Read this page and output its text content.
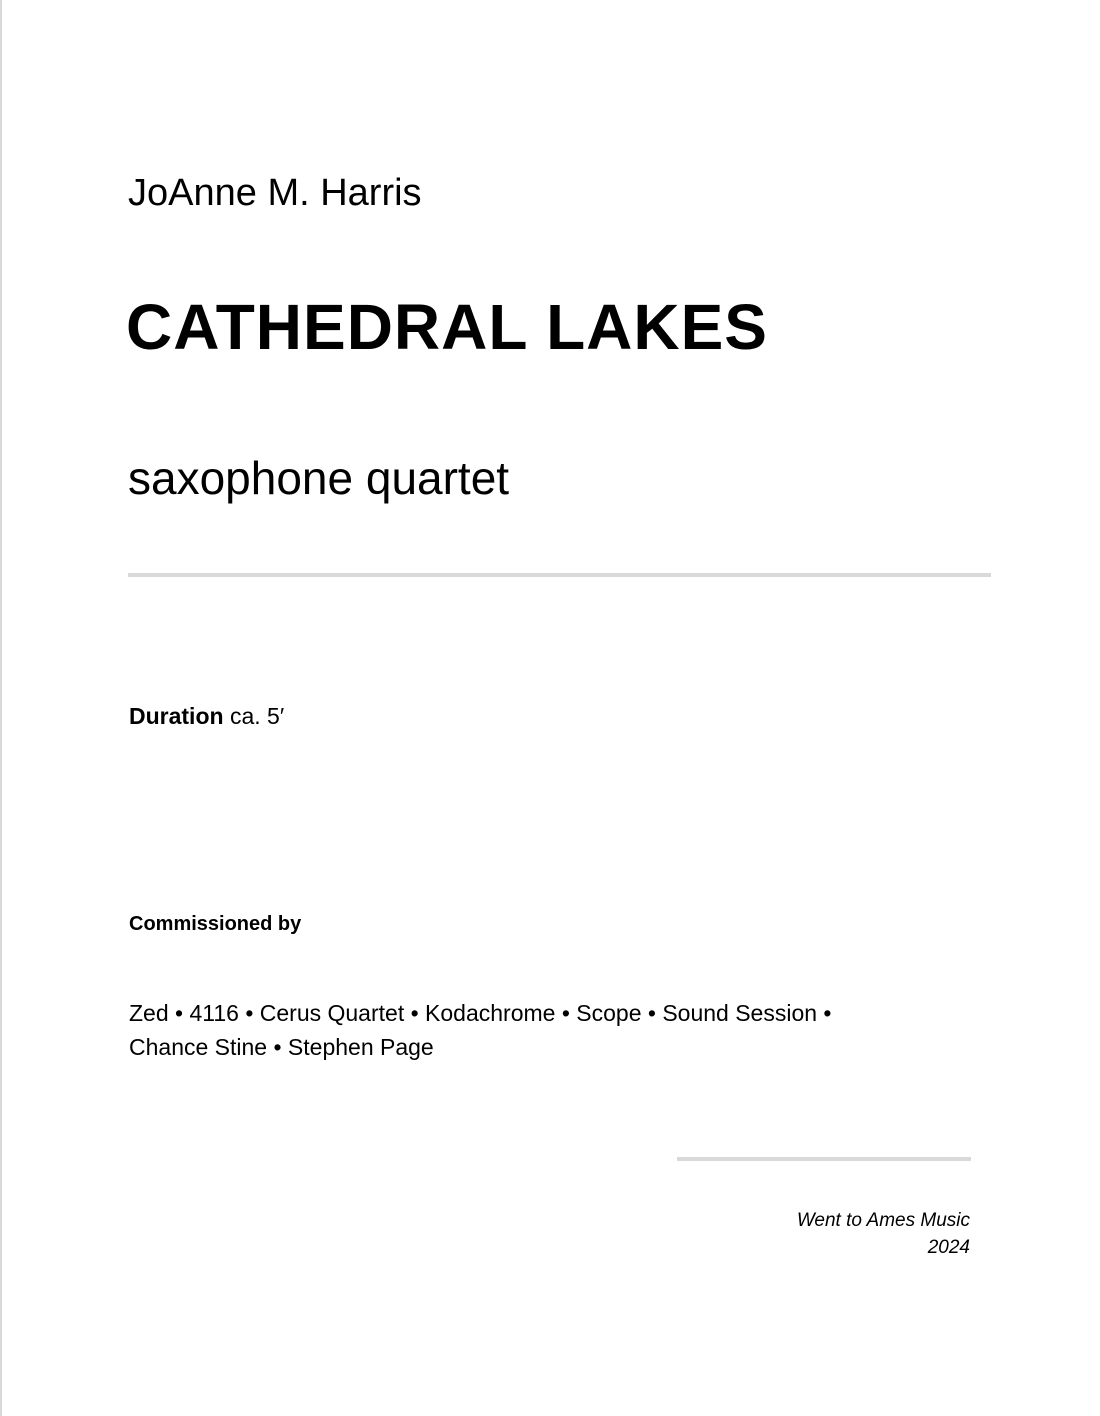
JoAnne M. Harris
CATHEDRAL LAKES
saxophone quartet
Duration ca. 5′
Commissioned by
Zed • 4116 • Cerus Quartet • Kodachrome • Scope • Sound Session •
Chance Stine • Stephen Page
Went to Ames Music
2024
